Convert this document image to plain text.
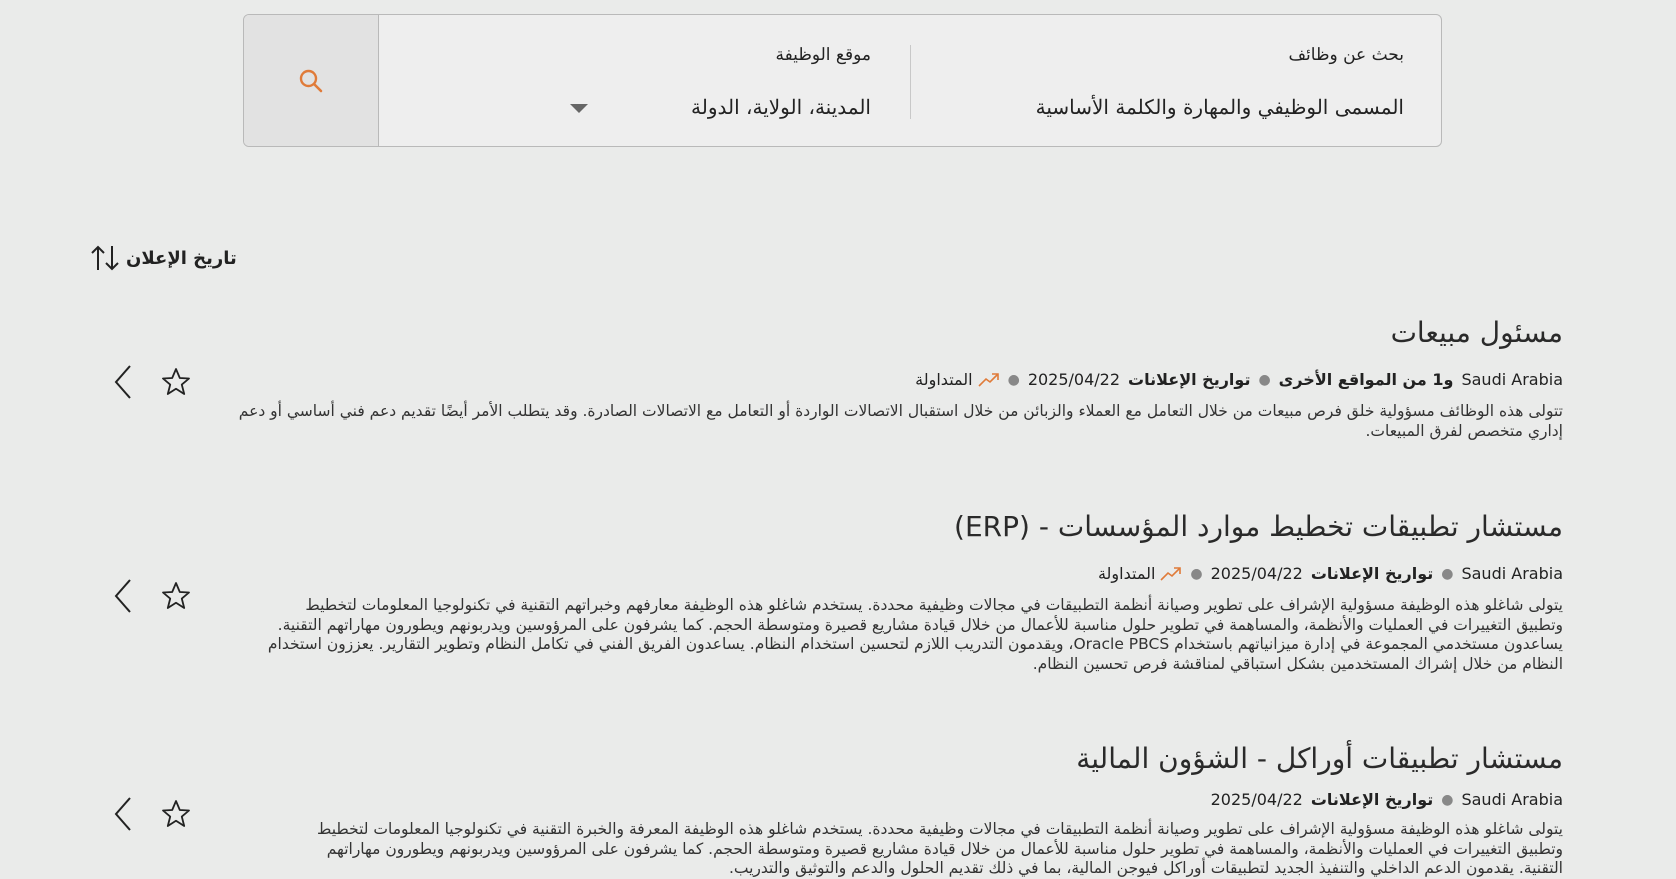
موقع الوظيفة
المدينة، الولاية، الدولة
بحث عن وظائف
المسمى الوظيفي والمهارة والكلمة الأساسية
تاريخ الإعلان
مسئول مبيعات
Saudi Arabia
و1 من المواقع الأخرى
●
تواريخ الإعلانات
2025/04/22
●
المتداولة
تتولى هذه الوظائف مسؤولية خلق فرص مبيعات من خلال التعامل مع العملاء والزبائن من خلال استقبال الاتصالات الواردة أو التعامل مع الاتصالات الصادرة. وقد يتطلب الأمر أيضًا تقديم دعم فني أساسي أو دعم إداري متخصص لفرق المبيعات.
مستشار تطبيقات تخطيط موارد المؤسسات - (ERP)
Saudi Arabia
●
تواريخ الإعلانات
2025/04/22
●
المتداولة
يتولى شاغلو هذه الوظيفة مسؤولية الإشراف على تطوير وصيانة أنظمة التطبيقات في مجالات وظيفية محددة. يستخدم شاغلو هذه الوظيفة معارفهم وخبراتهم التقنية في تكنولوجيا المعلومات لتخطيط وتطبيق التغييرات في العمليات والأنظمة، والمساهمة في تطوير حلول مناسبة للأعمال من خلال قيادة مشاريع قصيرة ومتوسطة الحجم. كما يشرفون على المرؤوسين ويدربونهم ويطورون مهاراتهم التقنية. يساعدون مستخدمي المجموعة في إدارة ميزانياتهم باستخدام Oracle PBCS، ويقدمون التدريب اللازم لتحسين استخدام النظام. يساعدون الفريق الفني في تكامل النظام وتطوير التقارير. يعززون استخدام النظام من خلال إشراك المستخدمين بشكل استباقي لمناقشة فرص تحسين النظام.
مستشار تطبيقات أوراكل - الشؤون المالية
Saudi Arabia
●
تواريخ الإعلانات
2025/04/22
يتولى شاغلو هذه الوظيفة مسؤولية الإشراف على تطوير وصيانة أنظمة التطبيقات في مجالات وظيفية محددة. يستخدم شاغلو هذه الوظيفة المعرفة والخبرة التقنية في تكنولوجيا المعلومات لتخطيط وتطبيق التغييرات في العمليات والأنظمة، والمساهمة في تطوير حلول مناسبة للأعمال من خلال قيادة مشاريع قصيرة ومتوسطة الحجم. كما يشرفون على المرؤوسين ويدربونهم ويطورون مهاراتهم التقنية. يقدمون الدعم الداخلي والتنفيذ الجديد لتطبيقات أوراكل فيوجن المالية، بما في ذلك تقديم الحلول والدعم والتوثيق والتدريب.
